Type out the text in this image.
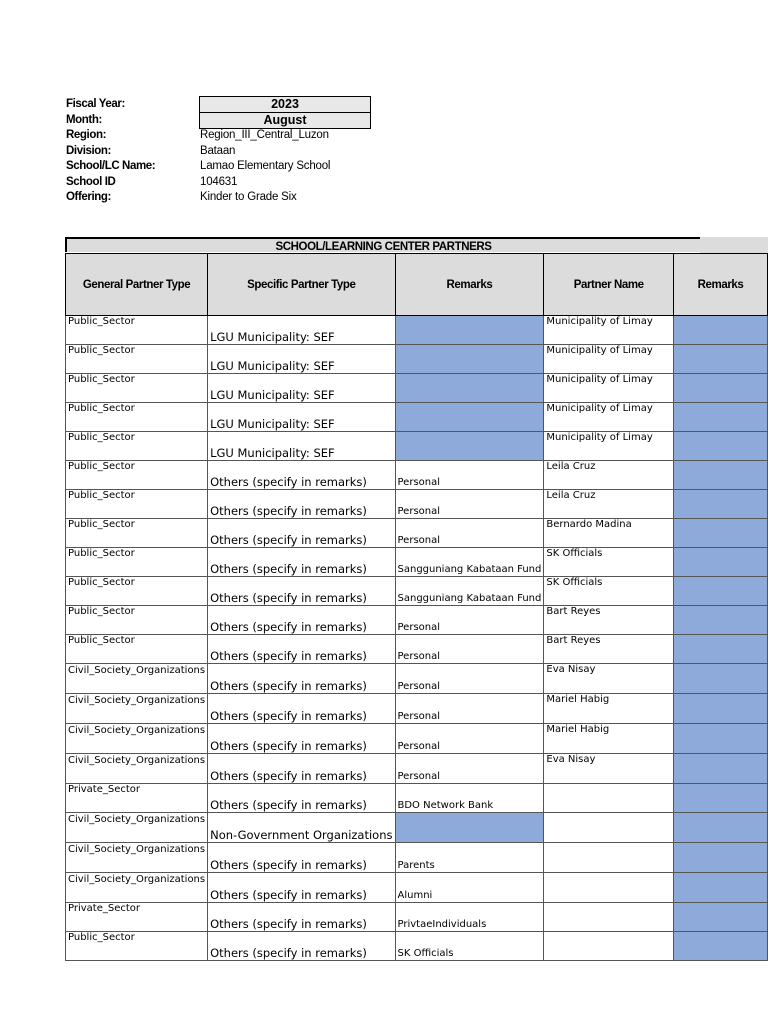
Fiscal Year:	2023
Month:	August
Region:	Region_III_Central_Luzon
Division:	Bataan
School/LC Name:	Lamao Elementary School
School ID	104631
Offering:	Kinder to Grade Six
SCHOOL/LEARNING CENTER PARTNERS
General Partner Type	Specific Partner Type	Remarks	Partner Name	Remarks
Public_Sector	LGU Municipality: SEF		Municipality of Limay	
Public_Sector	LGU Municipality: SEF		Municipality of Limay	
Public_Sector	LGU Municipality: SEF		Municipality of Limay	
Public_Sector	LGU Municipality: SEF		Municipality of Limay	
Public_Sector	LGU Municipality: SEF		Municipality of Limay	
Public_Sector	Others (specify in remarks)	Personal	Leila Cruz	
Public_Sector	Others (specify in remarks)	Personal	Leila Cruz	
Public_Sector	Others (specify in remarks)	Personal	Bernardo Madina	
Public_Sector	Others (specify in remarks)	Sangguniang Kabataan Fund	SK Officials	
Public_Sector	Others (specify in remarks)	Sangguniang Kabataan Fund	SK Officials	
Public_Sector	Others (specify in remarks)	Personal	Bart Reyes	
Public_Sector	Others (specify in remarks)	Personal	Bart Reyes	
Civil_Society_Organizations	Others (specify in remarks)	Personal	Eva Nisay	
Civil_Society_Organizations	Others (specify in remarks)	Personal	Mariel Habig	
Civil_Society_Organizations	Others (specify in remarks)	Personal	Mariel Habig	
Civil_Society_Organizations	Others (specify in remarks)	Personal	Eva Nisay	
Private_Sector	Others (specify in remarks)	BDO Network Bank		
Civil_Society_Organizations	Non-Government Organizations			
Civil_Society_Organizations	Others (specify in remarks)	Parents		
Civil_Society_Organizations	Others (specify in remarks)	Alumni		
Private_Sector	Others (specify in remarks)	PrivtaeIndividuals		
Public_Sector	Others (specify in remarks)	SK Officials		
